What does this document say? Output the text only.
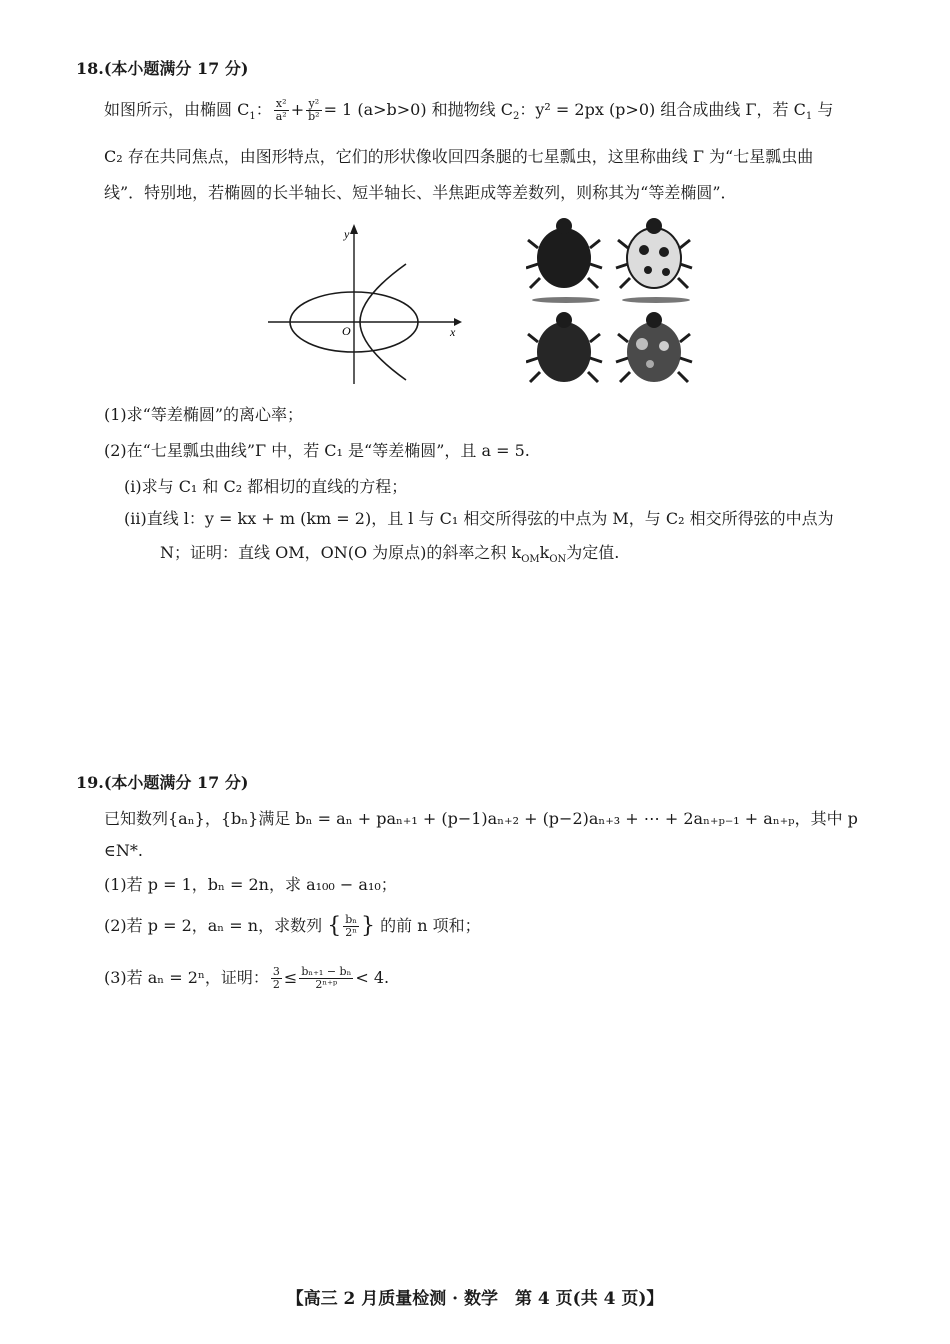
18.(本小题满分 17 分)
如图所示，由椭圆 $C_1$： $\frac{\text{x²}}{\text{a²}} + \frac{\text{y²}}{\text{b²}} = 1$ (a>b>0) 和抛物线 $C_2$：y² = 2px (p>0) 组合成曲线 Γ，若 $C_1$ 与
C₂ 存在共同焦点，由图形特点，它们的形状像收回四条腿的七星瓢虫，这里称曲线 Γ 为“七星瓢虫曲
线”．特别地，若椭圆的长半轴长、短半轴长、半焦距成等差数列，则称其为“等差椭圆”．
y
x
O
(1)求“等差椭圆”的离心率；
(2)在“七星瓢虫曲线”Γ 中，若 C₁ 是“等差椭圆”，且 a = 5.
(ⅰ)求与 C₁ 和 C₂ 都相切的直线的方程；
(ⅱ)直线 l：y = kx + m (km = 2)，且 l 与 C₁ 相交所得弦的中点为 M，与 C₂ 相交所得弦的中点为
N；证明：直线 OM，ON(O 为原点)的斜率之积 $k_{OM}k_{ON}$为定值.
19.(本小题满分 17 分)
已知数列{aₙ}，{bₙ}满足 bₙ = aₙ + paₙ₊₁ + (p−1)aₙ₊₂ + (p−2)aₙ₊₃ + ⋯ + 2aₙ₊ₚ₋₁ + aₙ₊ₚ，其中 p
∈N*.
(1)若 p = 1，bₙ = 2n，求 a₁₀₀ − a₁₀；
(2)若 p = 2，aₙ = n，求数列 { $\frac{\text{bₙ}}{\text{2ⁿ}}$ } 的前 n 项和；
(3)若 aₙ = 2ⁿ，证明： $\frac{3}{2} \le \frac{\text{bₙ₊₁ − bₙ}}{\text{2ⁿ⁺ᵖ}} < 4$.
【高三 2 月质量检测 · 数学　第 4 页(共 4 页)】
